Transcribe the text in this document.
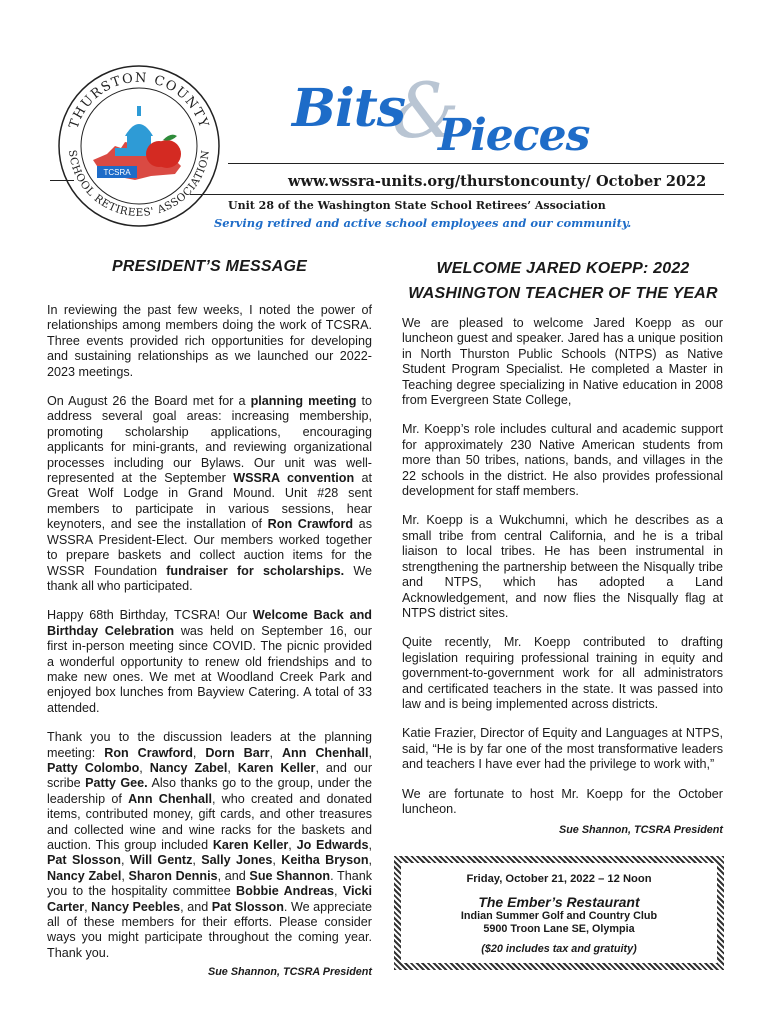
THURSTON COUNTY
SCHOOL RETIREES' ASSOCIATION
TCSRA
&
Bits Pieces
www.wssra-units.org/thurstoncounty/ October 2022
Unit 28 of the Washington State School Retirees’ Association
Serving retired and active school employees and our community.
PRESIDENT’S MESSAGE

In reviewing the past few weeks, I noted the power of relationships among members doing the work of TCSRA. Three events provided rich opportunities for developing and sustaining relationships as we launched our 2022-2023 meetings.

On August 26 the Board met for a planning meeting to address several goal areas: increasing membership, promoting scholarship applications, encouraging applicants for mini-grants, and reviewing organizational processes including our Bylaws. Our unit was well-represented at the September WSSRA convention at Great Wolf Lodge in Grand Mound. Unit #28 sent members to participate in various sessions, hear keynoters, and see the installation of Ron Crawford as WSSRA President-Elect. Our members worked together to prepare baskets and collect auction items for the WSSR Foundation fundraiser for scholarships. We thank all who participated.

Happy 68th Birthday, TCSRA! Our Welcome Back and Birthday Celebration was held on September 16, our first in-person meeting since COVID. The picnic provided a wonderful opportunity to renew old friendships and to make new ones. We met at Woodland Creek Park and enjoyed box lunches from Bayview Catering. A total of 33 attended.

Thank you to the discussion leaders at the planning meeting: Ron Crawford, Dorn Barr, Ann Chenhall, Patty Colombo, Nancy Zabel, Karen Keller, and our scribe Patty Gee. Also thanks go to the group, under the leadership of Ann Chenhall, who created and donated items, contributed money, gift cards, and other treasures and collected wine and wine racks for the baskets and auction. This group included Karen Keller, Jo Edwards, Pat Slosson, Will Gentz, Sally Jones, Keitha Bryson, Nancy Zabel, Sharon Dennis, and Sue Shannon. Thank you to the hospitality committee Bobbie Andreas, Vicki Carter, Nancy Peebles, and Pat Slosson. We appreciate all of these members for their efforts. Please consider ways you might participate throughout the coming year. Thank you.

Sue Shannon, TCSRA President
WELCOME JARED KOEPP: 2022
WASHINGTON TEACHER OF THE YEAR

We are pleased to welcome Jared Koepp as our luncheon guest and speaker. Jared has a unique position in North Thurston Public Schools (NTPS) as Native Student Program Specialist. He completed a Master in Teaching degree specializing in Native education in 2008 from Evergreen State College,

Mr. Koepp’s role includes cultural and academic support for approximately 230 Native American students from more than 50 tribes, nations, bands, and villages in the 22 schools in the district. He also provides professional development for staff members.

Mr. Koepp is a Wukchumni, which he describes as a small tribe from central California, and he is a tribal liaison to local tribes. He has been instrumental in strengthening the partnership between the Nisqually tribe and NTPS, which has adopted a Land Acknowledgement, and now flies the Nisqually flag at NTPS district sites.

Quite recently, Mr. Koepp contributed to drafting legislation requiring professional training in equity and government-to-government work for all administrators and certificated teachers in the state. It was passed into law and is being implemented across districts.

Katie Frazier, Director of Equity and Languages at NTPS, said, “He is by far one of the most transformative leaders and teachers I have ever had the privilege to work with,”

We are fortunate to host Mr. Koepp for the October luncheon.

Sue Shannon, TCSRA President
Friday, October 21, 2022 – 12 Noon
The Ember’s Restaurant
Indian Summer Golf and Country Club
5900 Troon Lane SE, Olympia
($20 includes tax and gratuity)
